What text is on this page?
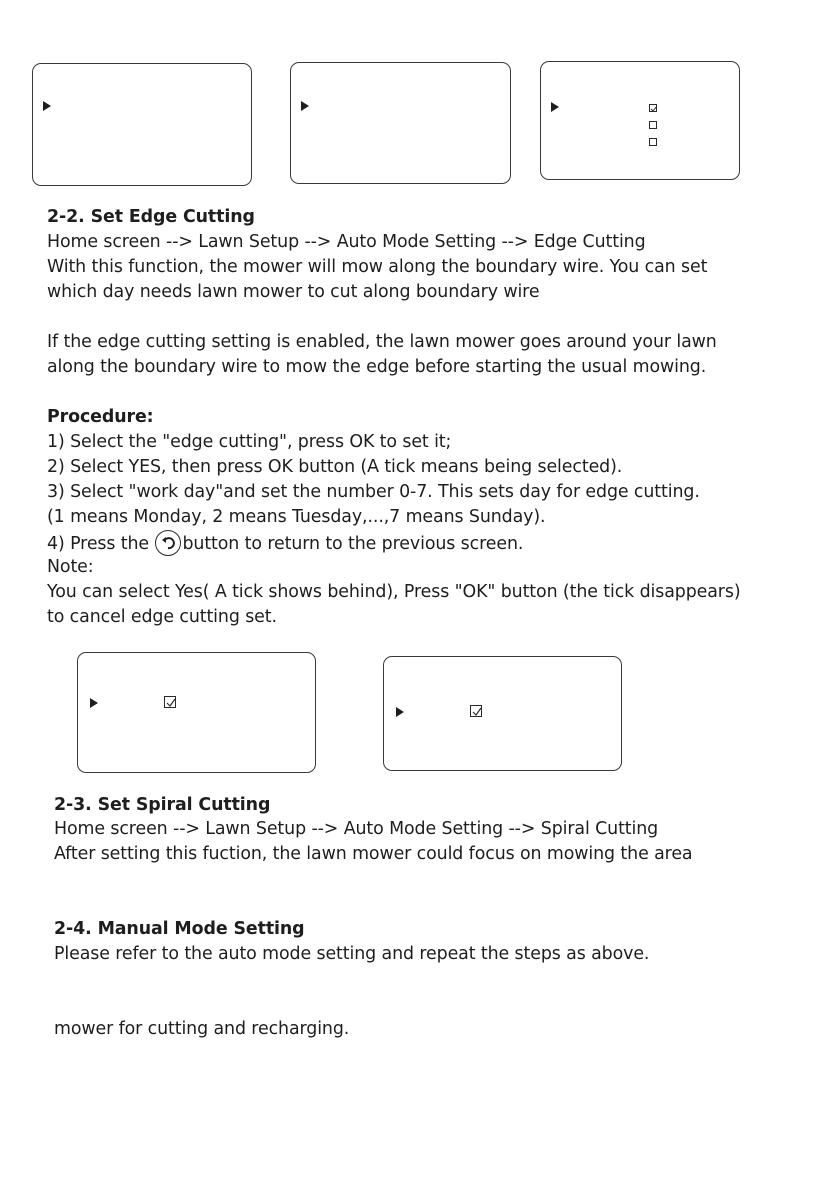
2-2. Set Edge Cutting
Home screen --> Lawn Setup --> Auto Mode Setting --> Edge Cutting
With this function, the mower will mow along the boundary wire. You can set
which day needs lawn mower to cut along boundary wire
If the edge cutting setting is enabled, the lawn mower goes around your lawn
along the boundary wire to mow the edge before starting the usual mowing.
Procedure:
1) Select the "edge cutting", press OK to set it;
2) Select YES, then press OK button (A tick means being selected).
3) Select "work day"and set the number 0-7. This sets day for edge cutting.
(1 means Monday, 2 means Tuesday,...,7 means Sunday).
4) Press the button to return to the previous screen.
Note:
You can select Yes( A tick shows behind), Press "OK" button (the tick disappears)
to cancel edge cutting set.
2-3. Set Spiral Cutting
Home screen --> Lawn Setup --> Auto Mode Setting --> Spiral Cutting
After setting this fuction, the lawn mower could focus on mowing the area
2-4. Manual Mode Setting
Please refer to the auto mode setting and repeat the steps as above.
mower for cutting and recharging.
